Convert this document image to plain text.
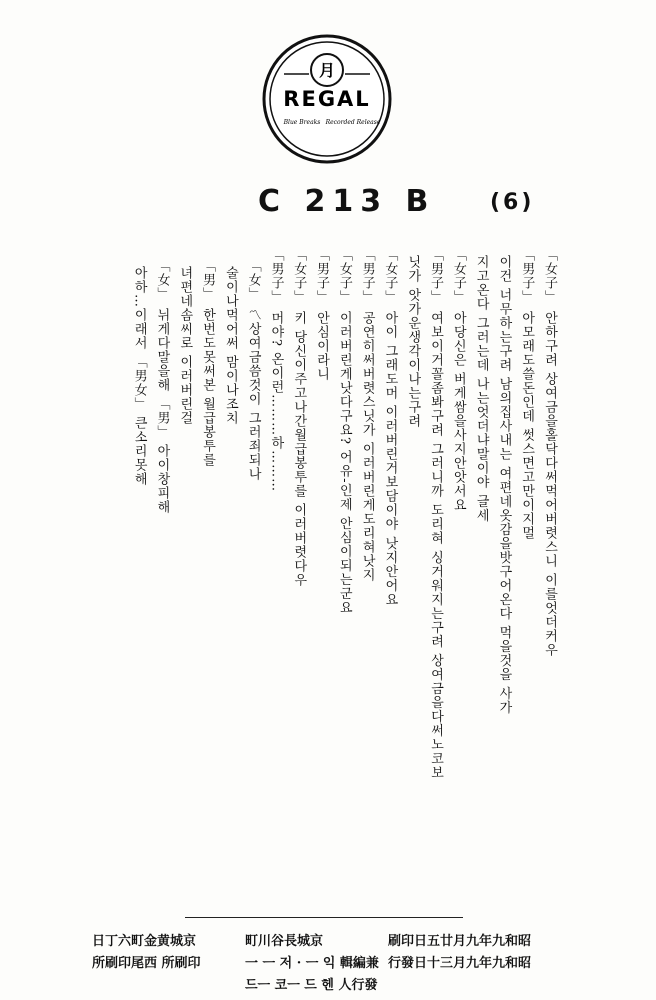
月
REGAL
Blue Breaks Recorded Release
C 213 B (6)
「女子」안하구려 상여금을홀닥다써먹어버렷스니 이를엇더커우
「男子」아모래도쓸돈인데 썻스면고만이지멀
이건 너무하는구려 남의집사내는 여편네옷감을밧구어온다 먹을것을 사가
지고온다 그러는데 나는엇더냐말이야 글세
「女子」아당신은 버게쌈을사지안앗서요
「男子」여보이거꼴좀봐구려 그러니까 도리혀 싱거워지는구려 상여금을다써노코보
닛가 앗가운생각이나는구려
「女子」아이 그래도머 이러버린거보담이야 낫지안어요
「男子」공연히써버렷스닛가 이러버린게도리혀낫지
「女子」이러버린게낫다구요? 어유-인제 안심이되는군요
「男子」안심이라니
「女子」키 당신이주고나간월급봉투를 이러버렷다우
「男子」머야? 온이런………하………
「女」〽상여금씀것이 그러죄되나
술이나먹어써 맘이나조치
「男」한번도못써본 월급봉투를
녀편네솜씨로 이러버린걸
「女」뉘게다말을해 「男」 아이창피해
아하…이래서 「男女」 큰소리못해

日丁六町金黄城京

所刷印尾西 所刷印

町川谷長城京

一 ㅡ 저 · ㅡ 익 輯編兼

드ㅡ 코ㅡ 드 헨 人行發

刷印日五廿月九年九和昭

行發日十三月九年九和昭
